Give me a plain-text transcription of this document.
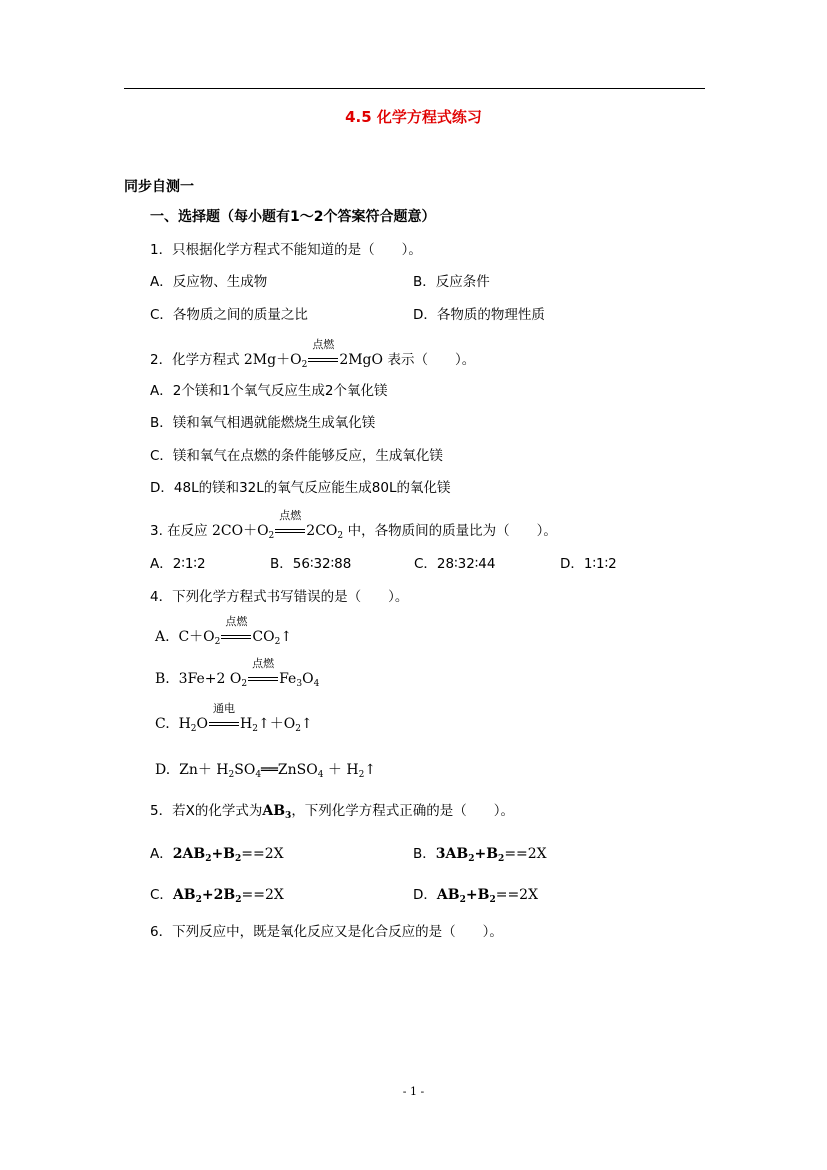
4.5 化学方程式练习
同步自测一
一、选择题（每小题有1～2个答案符合题意）
1．只根据化学方程式不能知道的是（　　）。
A．反应物、生成物	B．反应条件
C．各物质之间的质量之比	D．各物质的物理性质
2．化学方程式 $2Mg+O_2$
点燃
2MgO 表示（　　）。
A．2个镁和1个氧气反应生成2个氧化镁
B．镁和氧气相遇就能燃烧生成氧化镁
C．镁和氧气在点燃的条件能够反应，生成氧化镁
D．48L的镁和32L的氧气反应能生成80L的氧化镁
3. 在反应 $2CO+O_2$
点燃
$2CO_2$ 中，各物质间的质量比为（　　）。
A．2∶1∶2	B．56∶32∶88	C．28∶32∶44	D．1∶1∶2
4．下列化学方程式书写错误的是（　　）。
A. $C+O_2$
点燃
$CO_2↑$
B. 3Fe+2 $O_2$
点燃
$Fe_3O_4$
C. $H_2O$
通电
$H_2↑+O_2↑$
D. $Zn+ H_2SO_4══ZnSO_4$ ＋ $H_2↑$
5．若X的化学式为$AB_3$，下列化学方程式正确的是（　　）。
A．$2AB_2+B_2==2X$	B．$3AB_2+B_2==2X$
C．$AB_2+2B_2==2X$	D．$AB_2+B_2==2X$
6．下列反应中，既是氧化反应又是化合反应的是（　　）。
- 1 -
